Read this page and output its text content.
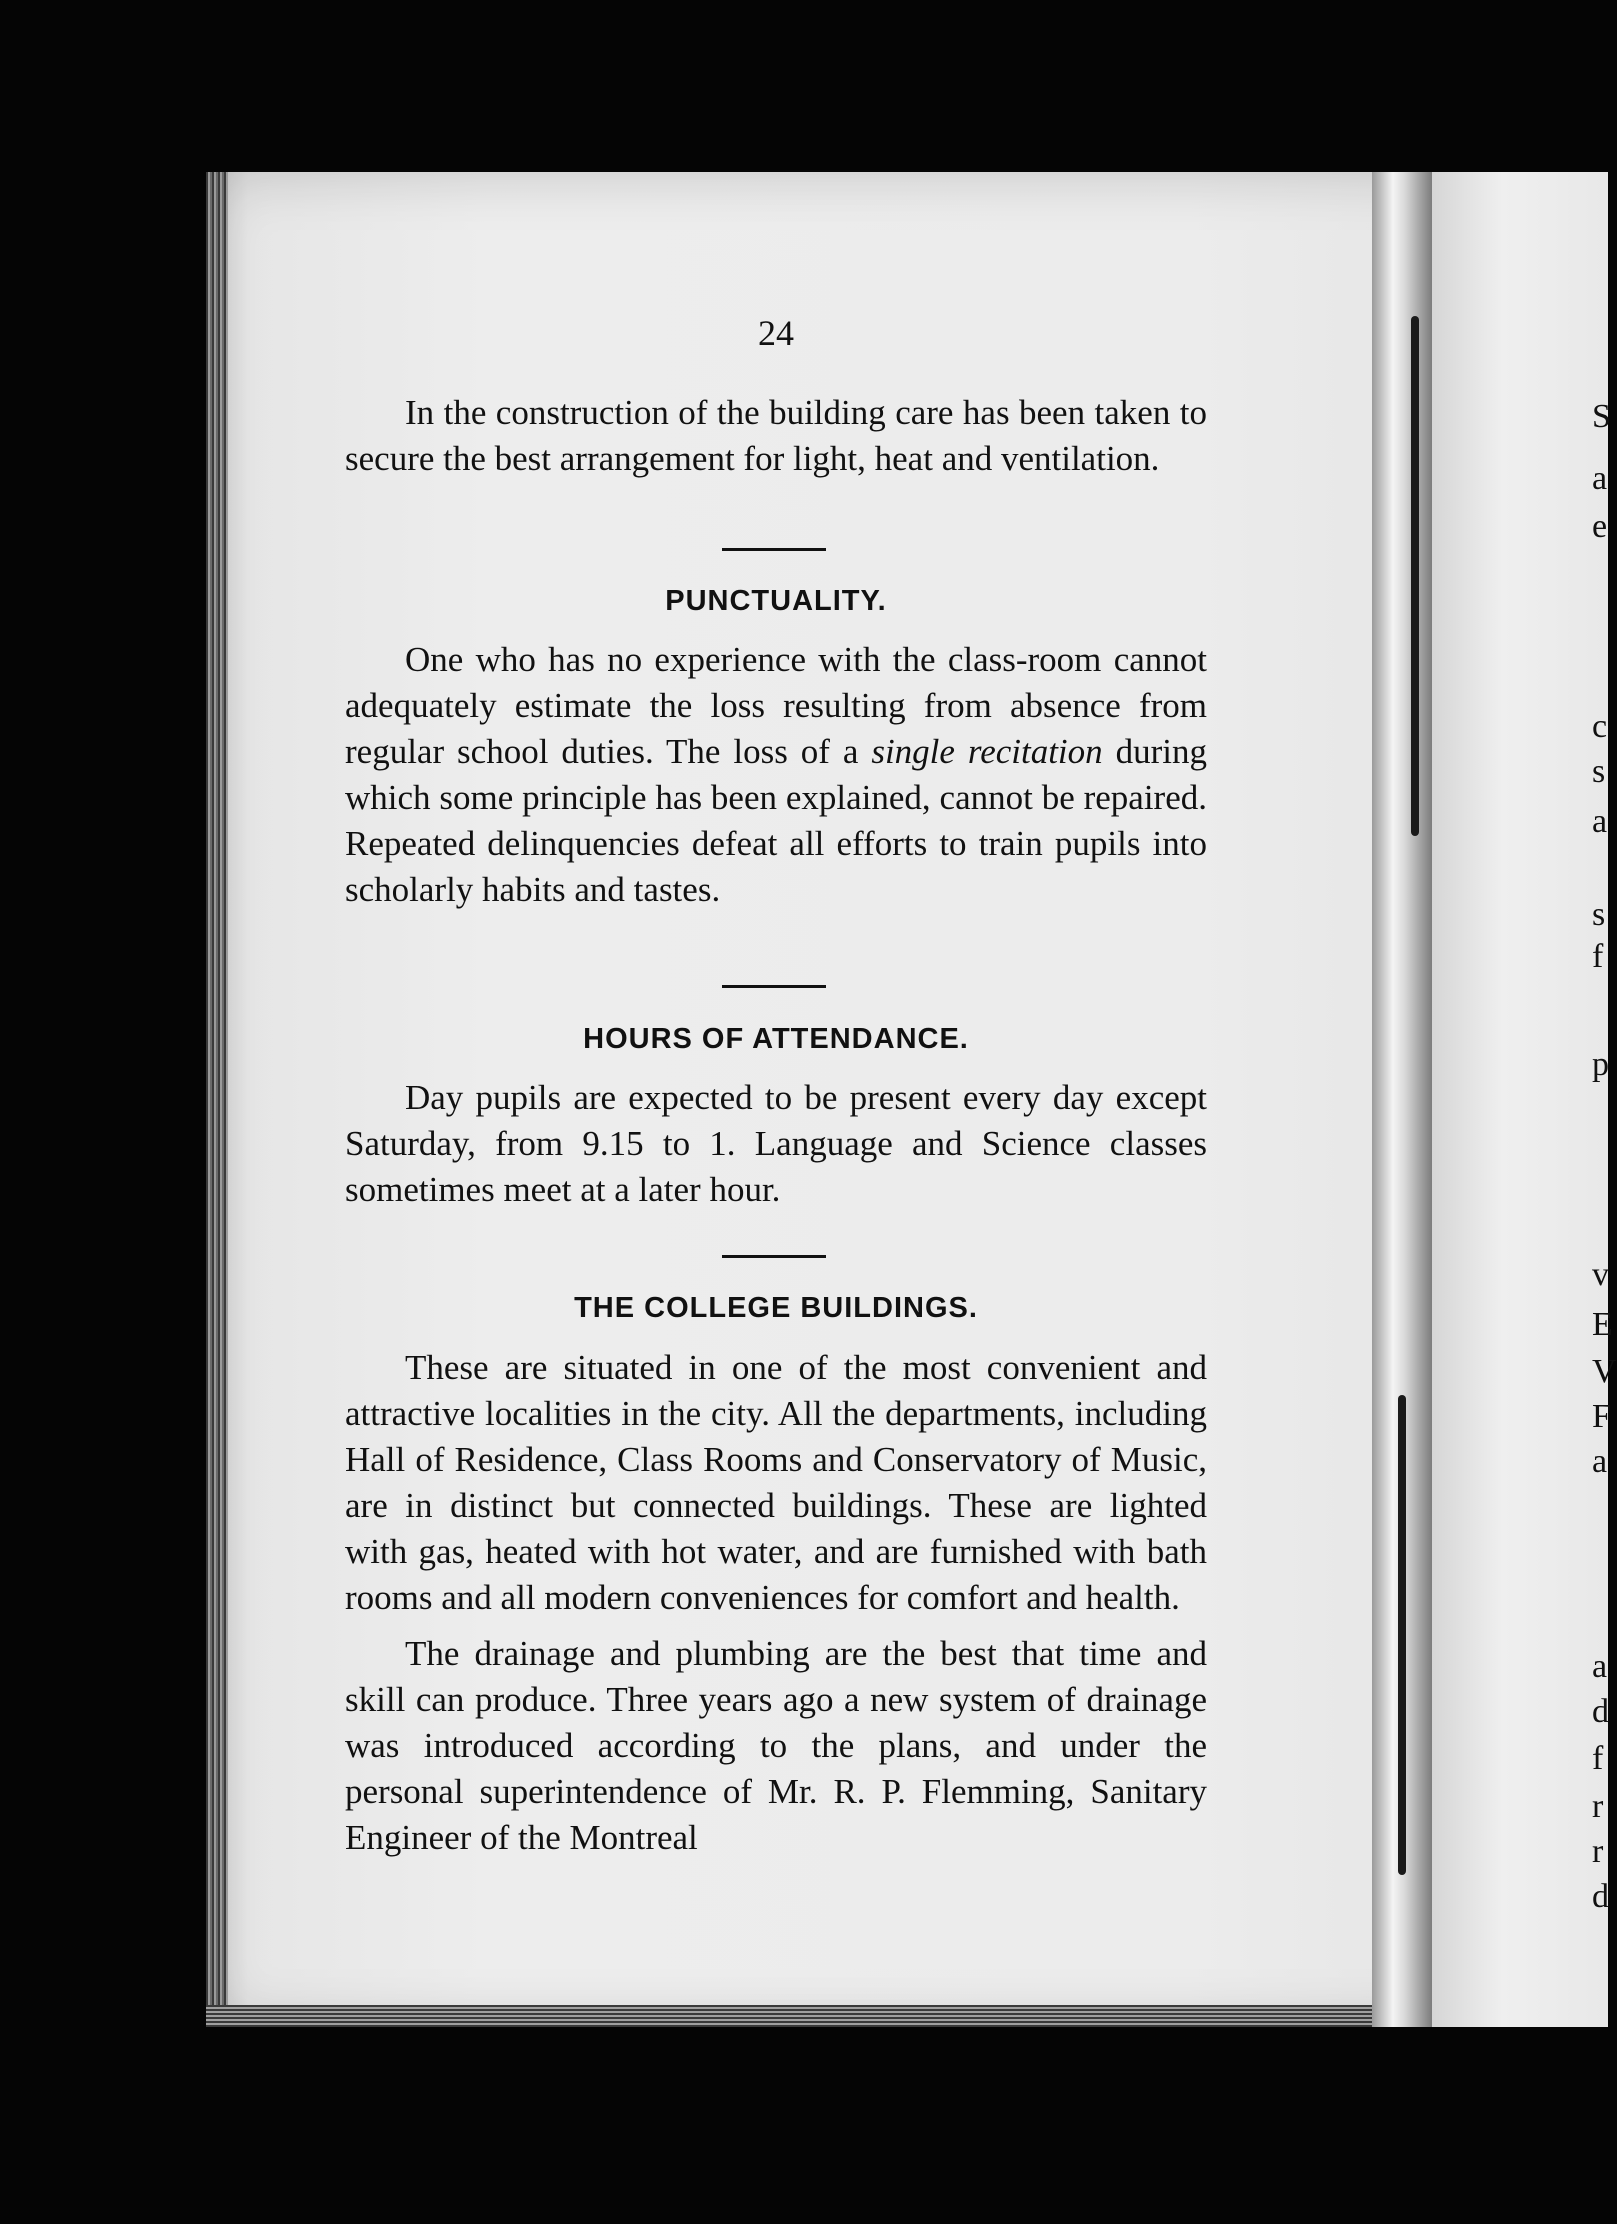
S
a
e
c
s
a
s
f
p
v
E
V
F
a
a
d
f
r
r
d
24

In the construction of the building care has been taken to secure the best arrangement for light, heat and ventilation.

PUNCTUALITY.

One who has no experience with the class-room cannot adequately estimate the loss resulting from absence from regular school duties. The loss of a single recitation during which some principle has been explained, cannot be repaired. Repeated delinquencies defeat all efforts to train pupils into scholarly habits and tastes.

HOURS OF ATTENDANCE.

Day pupils are expected to be present every day except Saturday, from 9.15 to 1. Language and Science classes sometimes meet at a later hour.

THE COLLEGE BUILDINGS.

These are situated in one of the most convenient and attractive localities in the city. All the departments, including Hall of Residence, Class Rooms and Conservatory of Music, are in distinct but connected buildings. These are lighted with gas, heated with hot water, and are furnished with bath rooms and all modern conveniences for comfort and health.

The drainage and plumbing are the best that time and skill can produce. Three years ago a new system of drainage was introduced according to the plans, and under the personal superintendence of Mr. R. P. Flemming, Sanitary Engineer of the Montreal
